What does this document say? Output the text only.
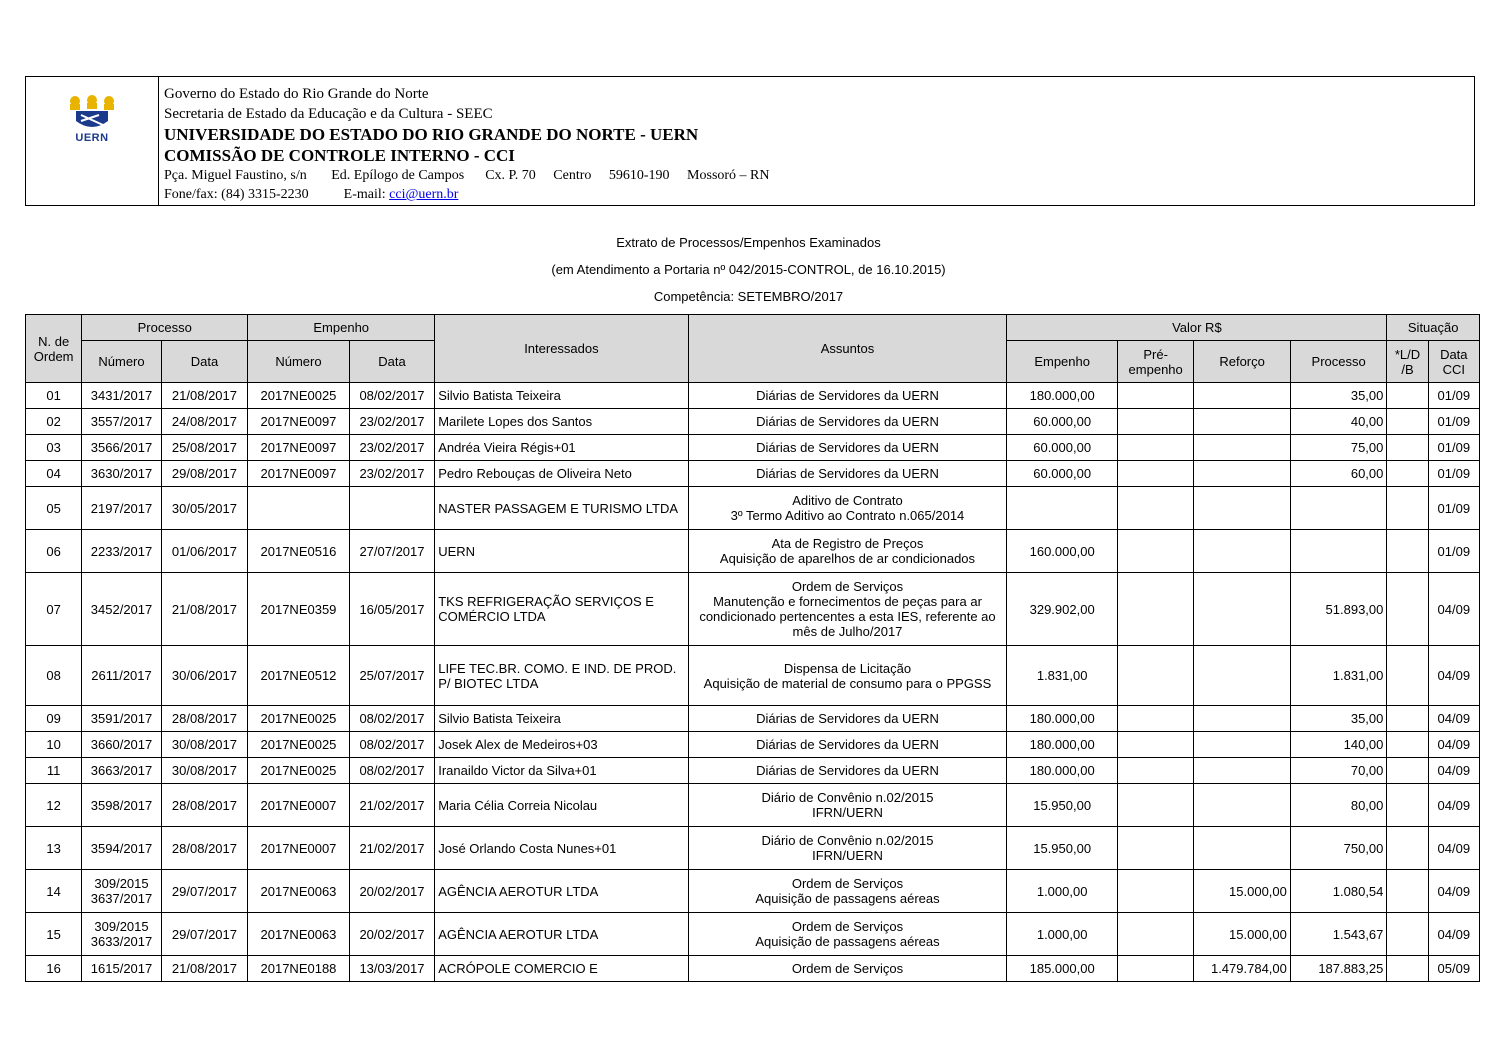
UERN
Governo do Estado do Rio Grande do Norte
Secretaria de Estado da Educação e da Cultura - SEEC
UNIVERSIDADE DO ESTADO DO RIO GRANDE DO NORTE - UERN
COMISSÃO DE CONTROLE INTERNO - CCI
Pça. Miguel Faustino, s/n       Ed. Epílogo de Campos      Cx. P. 70     Centro     59610-190     Mossoró – RN
Fone/fax: (84) 3315-2230          E-mail: cci@uern.br
Extrato de Processos/Empenhos Examinados
(em Atendimento a Portaria nº 042/2015-CONTROL, de 16.10.2015)
Competência: SETEMBRO/2017
N. de Ordem	Processo		Empenho		Interessados	Assuntos	Valor R$				Situação	
	Número	Data	Número	Data			Empenho	Pré-empenho	Reforço	Processo	*L/D /B	Data CCI
01	3431/2017	21/08/2017	2017NE0025	08/02/2017	Silvio Batista Teixeira	Diárias de Servidores da UERN	180.000,00			35,00		01/09
02	3557/2017	24/08/2017	2017NE0097	23/02/2017	Marilete Lopes dos Santos	Diárias de Servidores da UERN	60.000,00			40,00		01/09
03	3566/2017	25/08/2017	2017NE0097	23/02/2017	Andréa Vieira Régis+01	Diárias de Servidores da UERN	60.000,00			75,00		01/09
04	3630/2017	29/08/2017	2017NE0097	23/02/2017	Pedro Rebouças de Oliveira Neto	Diárias de Servidores da UERN	60.000,00			60,00		01/09
05	2197/2017	30/05/2017			NASTER PASSAGEM E TURISMO LTDA	Aditivo de Contrato
3º Termo Aditivo ao Contrato n.065/2014						01/09
06	2233/2017	01/06/2017	2017NE0516	27/07/2017	UERN	Ata de Registro de Preços
Aquisição de aparelhos de ar condicionados	160.000,00					01/09
07	3452/2017	21/08/2017	2017NE0359	16/05/2017	TKS REFRIGERAÇÃO SERVIÇOS E COMÉRCIO LTDA	Ordem de Serviços
Manutenção e fornecimentos de peças para ar condicionado pertencentes a esta IES, referente ao mês de Julho/2017	329.902,00			51.893,00		04/09
08	2611/2017	30/06/2017	2017NE0512	25/07/2017	LIFE TEC.BR. COMO. E IND. DE PROD. P/ BIOTEC LTDA	Dispensa de Licitação
Aquisição de material de consumo para o PPGSS	1.831,00			1.831,00		04/09
09	3591/2017	28/08/2017	2017NE0025	08/02/2017	Silvio Batista Teixeira	Diárias de Servidores da UERN	180.000,00			35,00		04/09
10	3660/2017	30/08/2017	2017NE0025	08/02/2017	Josek Alex de Medeiros+03	Diárias de Servidores da UERN	180.000,00			140,00		04/09
11	3663/2017	30/08/2017	2017NE0025	08/02/2017	Iranaildo Victor da Silva+01	Diárias de Servidores da UERN	180.000,00			70,00		04/09
12	3598/2017	28/08/2017	2017NE0007	21/02/2017	Maria Célia Correia Nicolau	Diário de Convênio n.02/2015
IFRN/UERN	15.950,00			80,00		04/09
13	3594/2017	28/08/2017	2017NE0007	21/02/2017	José Orlando Costa Nunes+01	Diário de Convênio n.02/2015
IFRN/UERN	15.950,00			750,00		04/09
14	309/2015
3637/2017	29/07/2017	2017NE0063	20/02/2017	AGÊNCIA AEROTUR LTDA	Ordem de Serviços
Aquisição de passagens aéreas	1.000,00		15.000,00	1.080,54		04/09
15	309/2015
3633/2017	29/07/2017	2017NE0063	20/02/2017	AGÊNCIA AEROTUR LTDA	Ordem de Serviços
Aquisição de passagens aéreas	1.000,00		15.000,00	1.543,67		04/09
16	1615/2017	21/08/2017	2017NE0188	13/03/2017	ACRÓPOLE COMERCIO E	Ordem de Serviços	185.000,00		1.479.784,00	187.883,25		05/09
